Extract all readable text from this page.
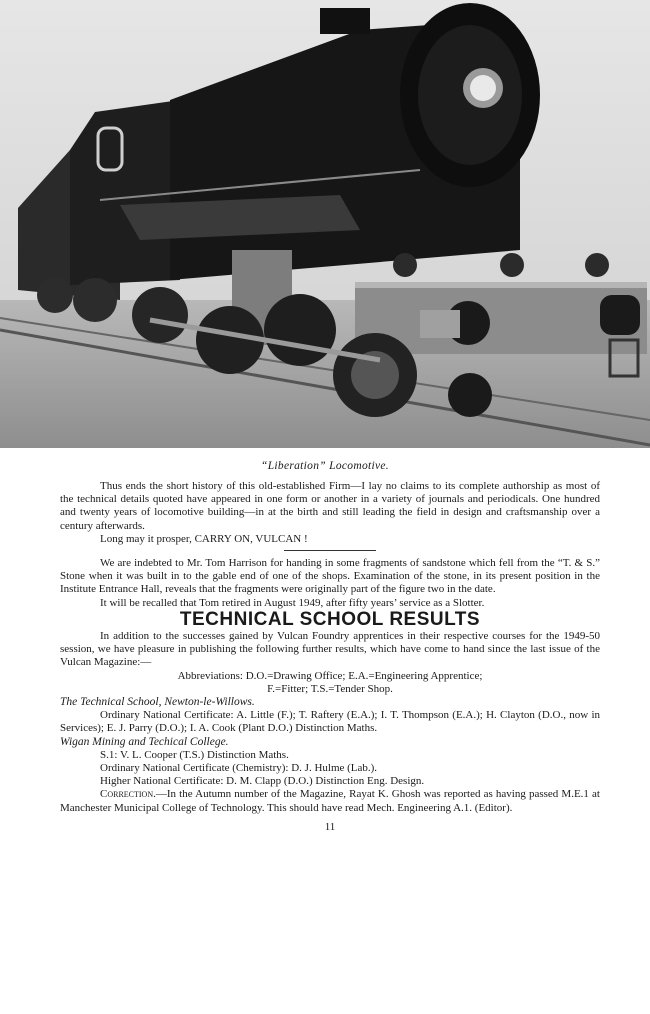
“Liberation” Locomotive.

Thus ends the short history of this old-established Firm—I lay no claims to its complete authorship as most of the technical details quoted have appeared in one form or another in a variety of journals and periodicals. One hundred and twenty years of locomotive building—in at the birth and still leading the field in design and craftsmanship over a century afterwards.

Long may it prosper, CARRY ON, VULCAN !

We are indebted to Mr. Tom Harrison for handing in some fragments of sandstone which fell from the “T. & S.” Stone when it was built in to the gable end of one of the shops. Examination of the stone, in its present position in the Institute Entrance Hall, reveals that the fragments were originally part of the figure two in the date.

It will be recalled that Tom retired in August 1949, after fifty years’ service as a Slotter.

TECHNICAL SCHOOL RESULTS

In addition to the successes gained by Vulcan Foundry apprentices in their respective courses for the 1949-50 session, we have pleasure in publishing the following further results, which have come to hand since the last issue of the Vulcan Magazine:—

Abbreviations: D.O.=Drawing Office; E.A.=Engineering Apprentice;

F.=Fitter; T.S.=Tender Shop.

The Technical School, Newton-le-Willows.

Ordinary National Certificate: A. Little (F.); T. Raftery (E.A.); I. T. Thompson (E.A.); H. Clayton (D.O., now in Services); E. J. Parry (D.O.); I. A. Cook (Plant D.O.) Distinction Maths.

Wigan Mining and Techical College.

S.1: V. L. Cooper (T.S.) Distinction Maths.

Ordinary National Certificate (Chemistry): D. J. Hulme (Lab.).

Higher National Certificate: D. M. Clapp (D.O.) Distinction Eng. Design.

Correction.—In the Autumn number of the Magazine, Rayat K. Ghosh was reported as having passed M.E.1 at Manchester Municipal College of Technology. This should have read Mech. Engineering A.1. (Editor).

11
